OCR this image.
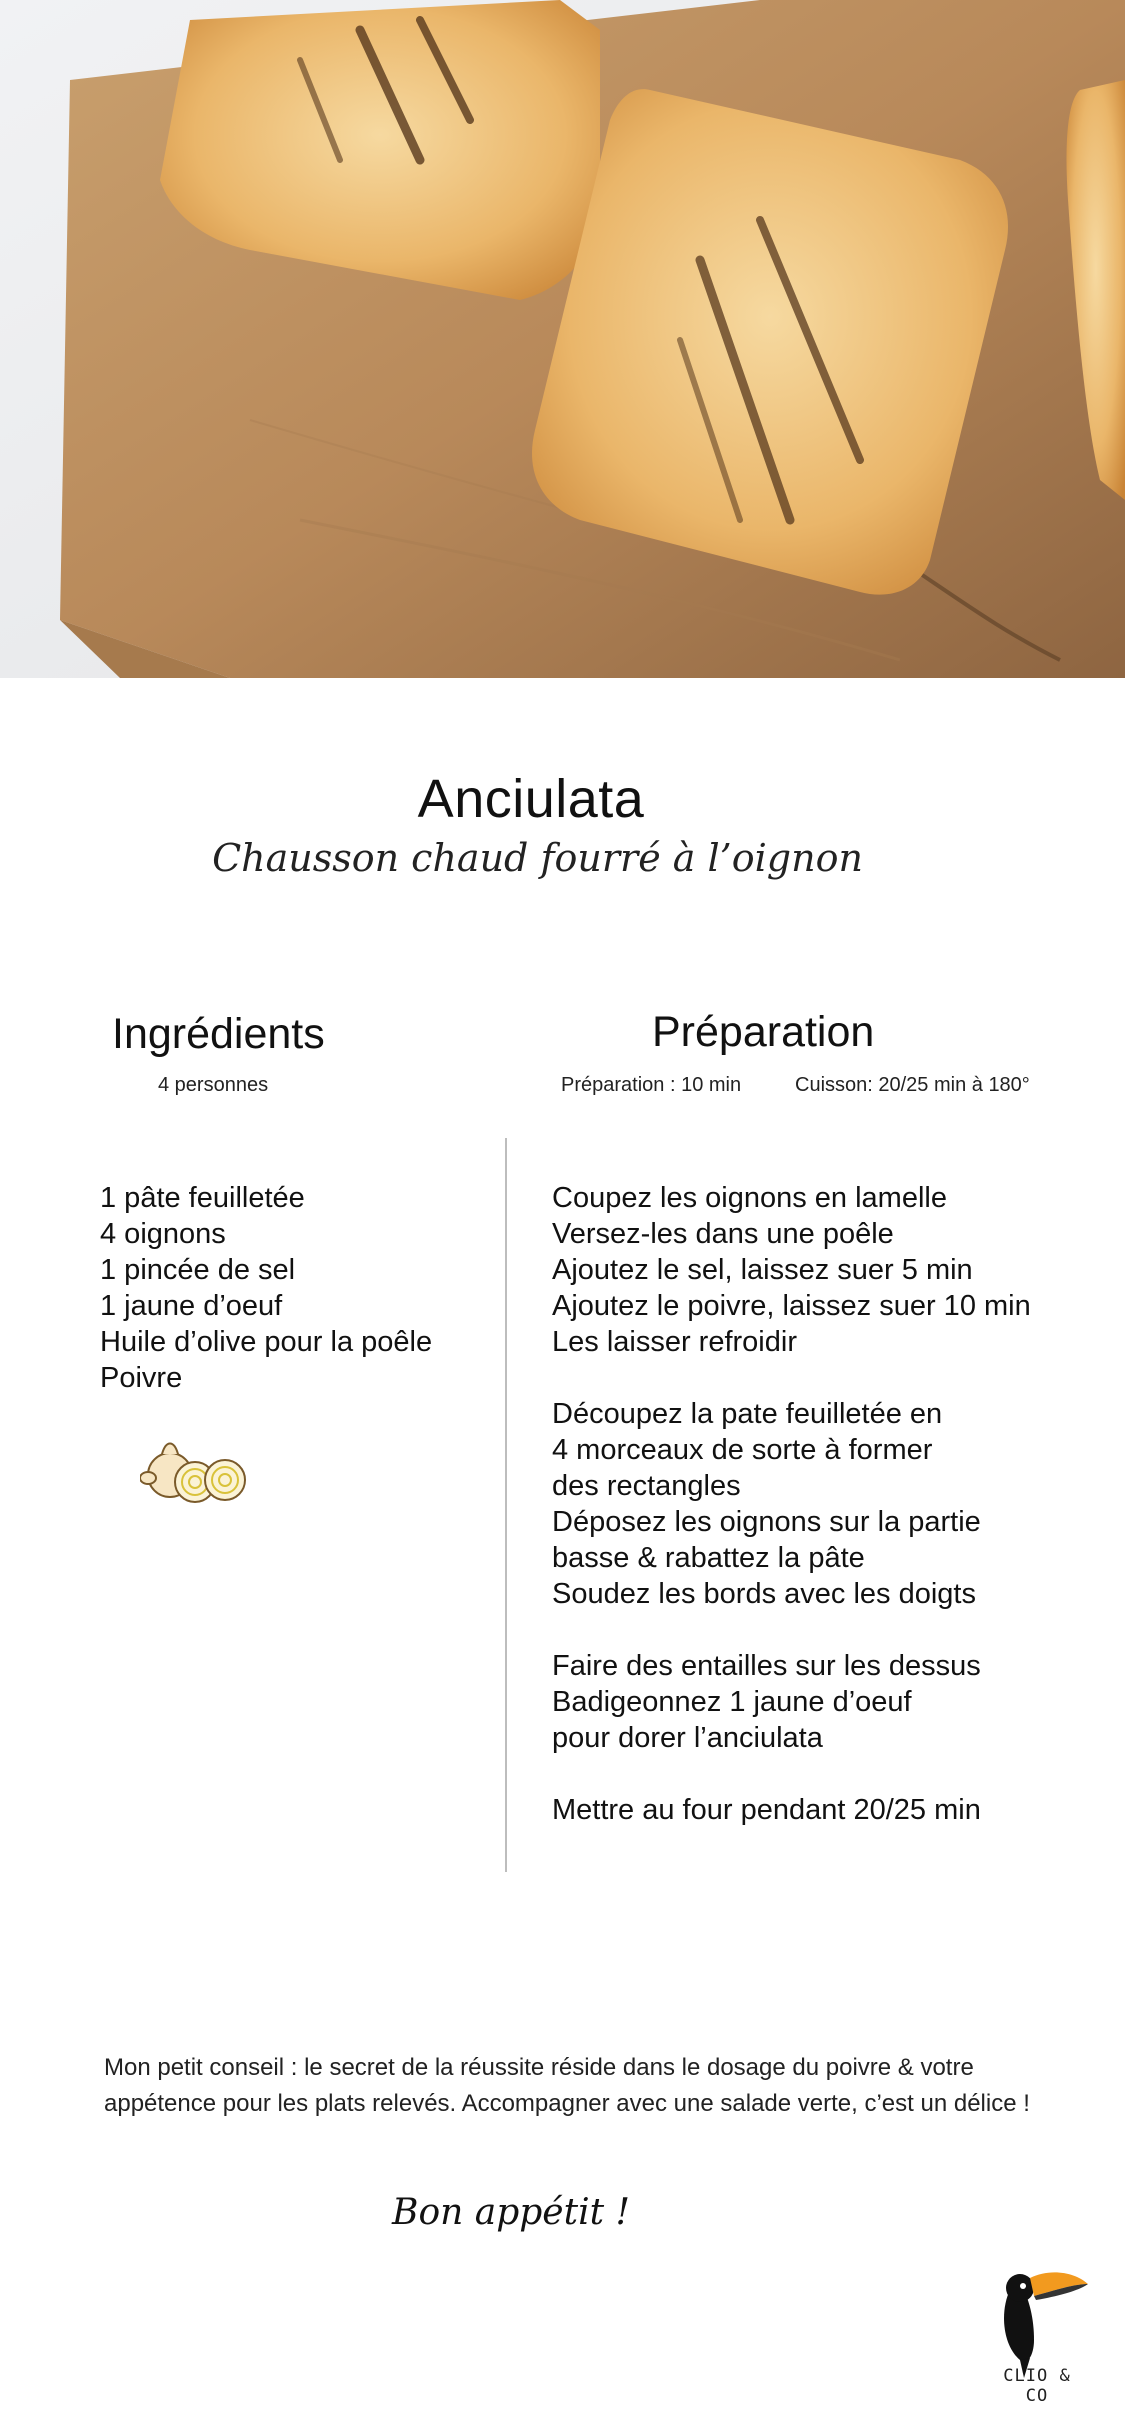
Anciulata
Chausson chaud fourré à l’oignon
Ingrédients
4 personnes
Préparation
Préparation : 10 min	Cuisson: 20/25 min à 180°
1 pâte feuilletée
4 oignons
1 pincée de sel
1 jaune d’oeuf
Huile d’olive pour la poêle
Poivre
Coupez les oignons en lamelle
Versez-les dans une poêle
Ajoutez le sel, laissez suer 5 min
Ajoutez le poivre, laissez suer 10 min
Les laisser refroidir
Découpez la pate feuilletée en
4 morceaux de sorte à former
des rectangles
Déposez les oignons sur la partie
basse & rabattez la pâte
Soudez les bords avec les doigts
Faire des entailles sur les dessus
Badigeonnez 1 jaune d’oeuf
pour dorer l’anciulata
Mettre au four pendant 20/25 min
Mon petit conseil : le secret de la réussite réside dans le dosage du poivre & votre
appétence pour les plats relevés. Accompagner avec une salade verte, c’est un délice !
Bon appétit !
CLIO & CO
